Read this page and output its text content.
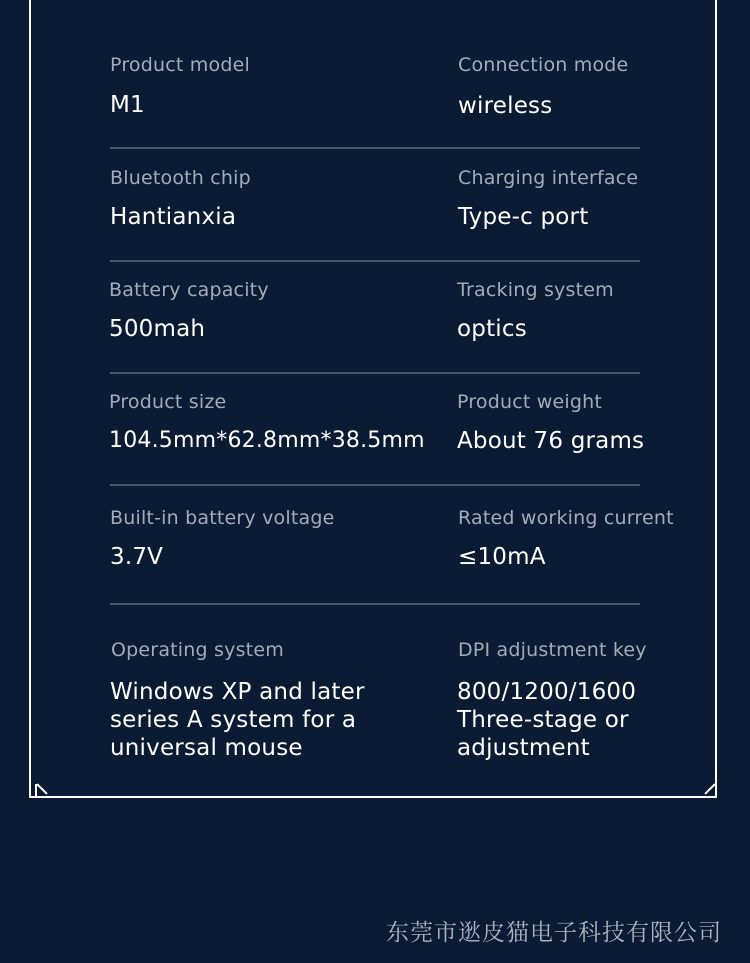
Product model
M1
Connection mode
wireless
Bluetooth chip
Hantianxia
Charging interface
Type-c port
Battery capacity
500mah
Tracking system
optics
Product size
104.5mm*62.8mm*38.5mm
Product weight
About 76 grams
Built-in battery voltage
3.7V
Rated working current
≤10mA
Operating system
Windows XP and later
series A system for a
universal mouse
DPI adjustment key
800/1200/1600
Three-stage or
adjustment
东莞市逖皮猫电子科技有限公司
